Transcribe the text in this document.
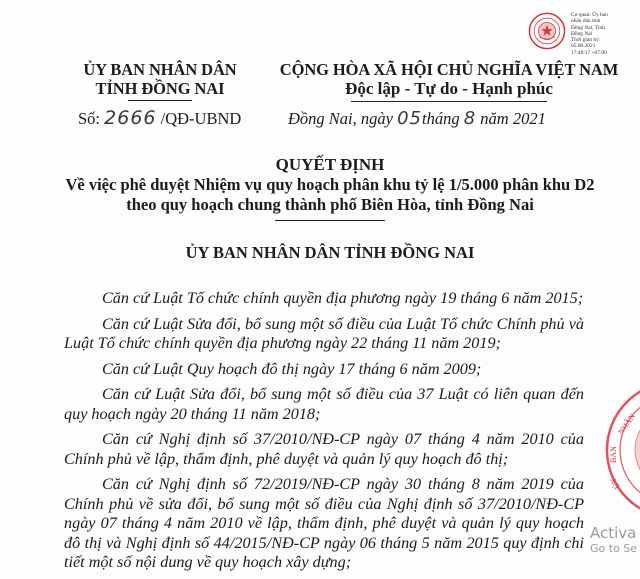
Cơ quan: Ủy ban
nhân dân tỉnh
Đồng Nai, Tỉnh
Đồng Nai
Thời gian ký:
05.08.2021
17:48:17 +07:00
ỦY BAN NHÂN DÂN
TỈNH ĐỒNG NAI
CỘNG HÒA XÃ HỘI CHỦ NGHĨA VIỆT NAM
Độc lập - Tự do - Hạnh phúc
Số: 2666 /QĐ-UBND	Đồng Nai, ngày 05tháng 8 năm 2021
QUYẾT ĐỊNH
Về việc phê duyệt Nhiệm vụ quy hoạch phân khu tỷ lệ 1/5.000 phân khu D2
theo quy hoạch chung thành phố Biên Hòa, tỉnh Đồng Nai
ỦY BAN NHÂN DÂN TỈNH ĐỒNG NAI

Căn cứ Luật Tổ chức chính quyền địa phương ngày 19 tháng 6 năm 2015;

Căn cứ Luật Sửa đổi, bổ sung một số điều của Luật Tổ chức Chính phủ và Luật Tổ chức chính quyền địa phương ngày 22 tháng 11 năm 2019;

Căn cứ Luật Quy hoạch đô thị ngày 17 tháng 6 năm 2009;

Căn cứ Luật Sửa đổi, bổ sung một số điều của 37 Luật có liên quan đến quy hoạch ngày 20 tháng 11 năm 2018;

Căn cứ Nghị định số 37/2010/NĐ-CP ngày 07 tháng 4 năm 2010 của Chính phủ về lập, thẩm định, phê duyệt và quản lý quy hoạch đô thị;

Căn cứ Nghị định số 72/2019/NĐ-CP ngày 30 tháng 8 năm 2019 của Chính phủ về sửa đổi, bổ sung một số điều của Nghị định số 37/2010/NĐ-CP ngày 07 tháng 4 năm 2010 về lập, thẩm định, phê duyệt và quản lý quy hoạch đô thị và Nghị định số 44/2015/NĐ-CP ngày 06 tháng 5 năm 2015 quy định chi tiết một số nội dung về quy hoạch xây dựng;

NHÂN
BAN
ỦY
Activa
Go to Se
